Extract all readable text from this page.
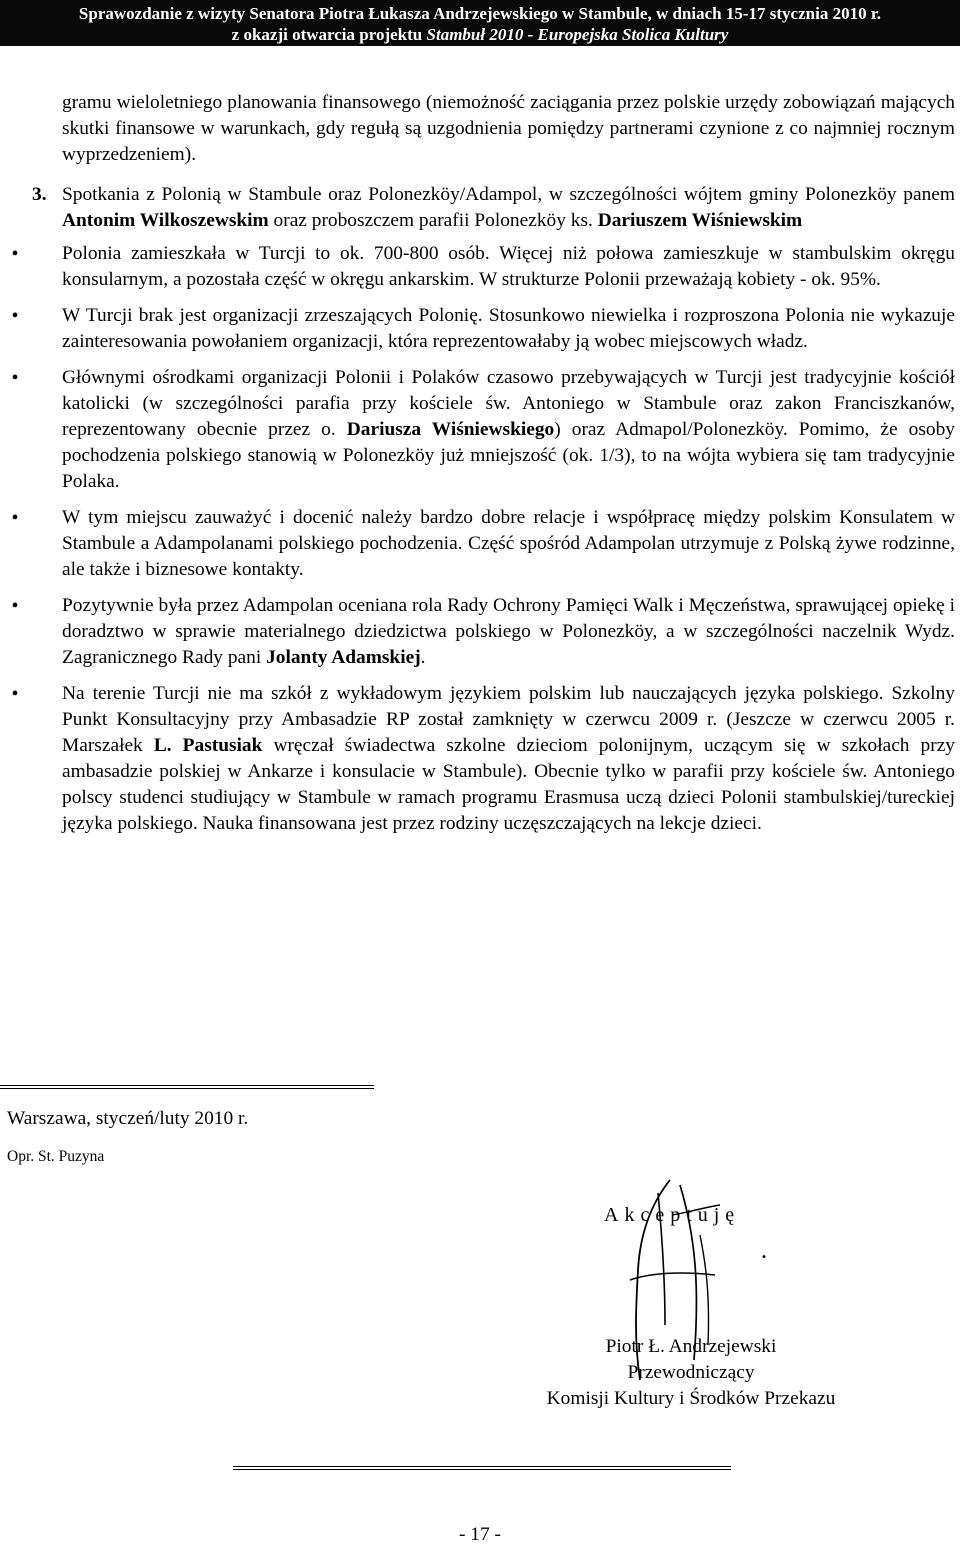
Sprawozdanie z wizyty Senatora Piotra Łukasza Andrzejewskiego w Stambule, w dniach 15-17 stycznia 2010 r.
z okazji otwarcia projektu Stambuł 2010 - Europejska Stolica Kultury

gramu wieloletniego planowania finansowego (niemożność zaciągania przez polskie urzędy zobowiązań mających skutki finansowe w warunkach, gdy regułą są uzgodnienia pomiędzy partnerami czynione z co najmniej rocznym wyprzedzeniem).

3. Spotkania z Polonią w Stambule oraz Polonezköy/Adampol, w szczególności wójtem gminy Polonezköy panem Antonim Wilkoszewskim oraz proboszczem parafii Polonezköy ks. Dariuszem Wiśniewskim

• Polonia zamieszkała w Turcji to ok. 700-800 osób. Więcej niż połowa zamieszkuje w stambulskim okręgu konsularnym, a pozostała część w okręgu ankarskim. W strukturze Polonii przeważają kobiety - ok. 95%.
• W Turcji brak jest organizacji zrzeszających Polonię. Stosunkowo niewielka i rozproszona Polonia nie wykazuje zainteresowania powołaniem organizacji, która reprezentowałaby ją wobec miejscowych władz.
• Głównymi ośrodkami organizacji Polonii i Polaków czasowo przebywających w Turcji jest tradycyjnie kościół katolicki (w szczególności parafia przy kościele św. Antoniego w Stambule oraz zakon Franciszkanów, reprezentowany obecnie przez o. Dariusza Wiśniewskiego) oraz Admapol/Polonezköy. Pomimo, że osoby pochodzenia polskiego stanowią w Polonezköy już mniejszość (ok. 1/3), to na wójta wybiera się tam tradycyjnie Polaka.
• W tym miejscu zauważyć i docenić należy bardzo dobre relacje i współpracę między polskim Konsulatem w Stambule a Adampolanami polskiego pochodzenia. Część spośród Adampolan utrzymuje z Polską żywe rodzinne, ale także i biznesowe kontakty.
• Pozytywnie była przez Adampolan oceniana rola Rady Ochrony Pamięci Walk i Męczeństwa, sprawującej opiekę i doradztwo w sprawie materialnego dziedzictwa polskiego w Polonezköy, a w szczególności naczelnik Wydz. Zagranicznego Rady pani Jolanty Adamskiej.
• Na terenie Turcji nie ma szkół z wykładowym językiem polskim lub nauczających języka polskiego. Szkolny Punkt Konsultacyjny przy Ambasadzie RP został zamknięty w czerwcu 2009 r. (Jeszcze w czerwcu 2005 r. Marszałek L. Pastusiak wręczał świadectwa szkolne dzieciom polonijnym, uczącym się w szkołach przy ambasadzie polskiej w Ankarze i konsulacie w Stambule). Obecnie tylko w parafii przy kościele św. Antoniego polscy studenci studiujący w Stambule w ramach programu Erasmusa uczą dzieci Polonii stambulskiej/tureckiej języka polskiego. Nauka finansowana jest przez rodziny uczęszczających na lekcje dzieci.
Warszawa, styczeń/luty 2010 r.
Opr. St. Puzyna
Akceptuję
.
Piotr Ł. Andrzejewski
Przewodniczący
Komisji Kultury i Środków Przekazu
- 17 -
